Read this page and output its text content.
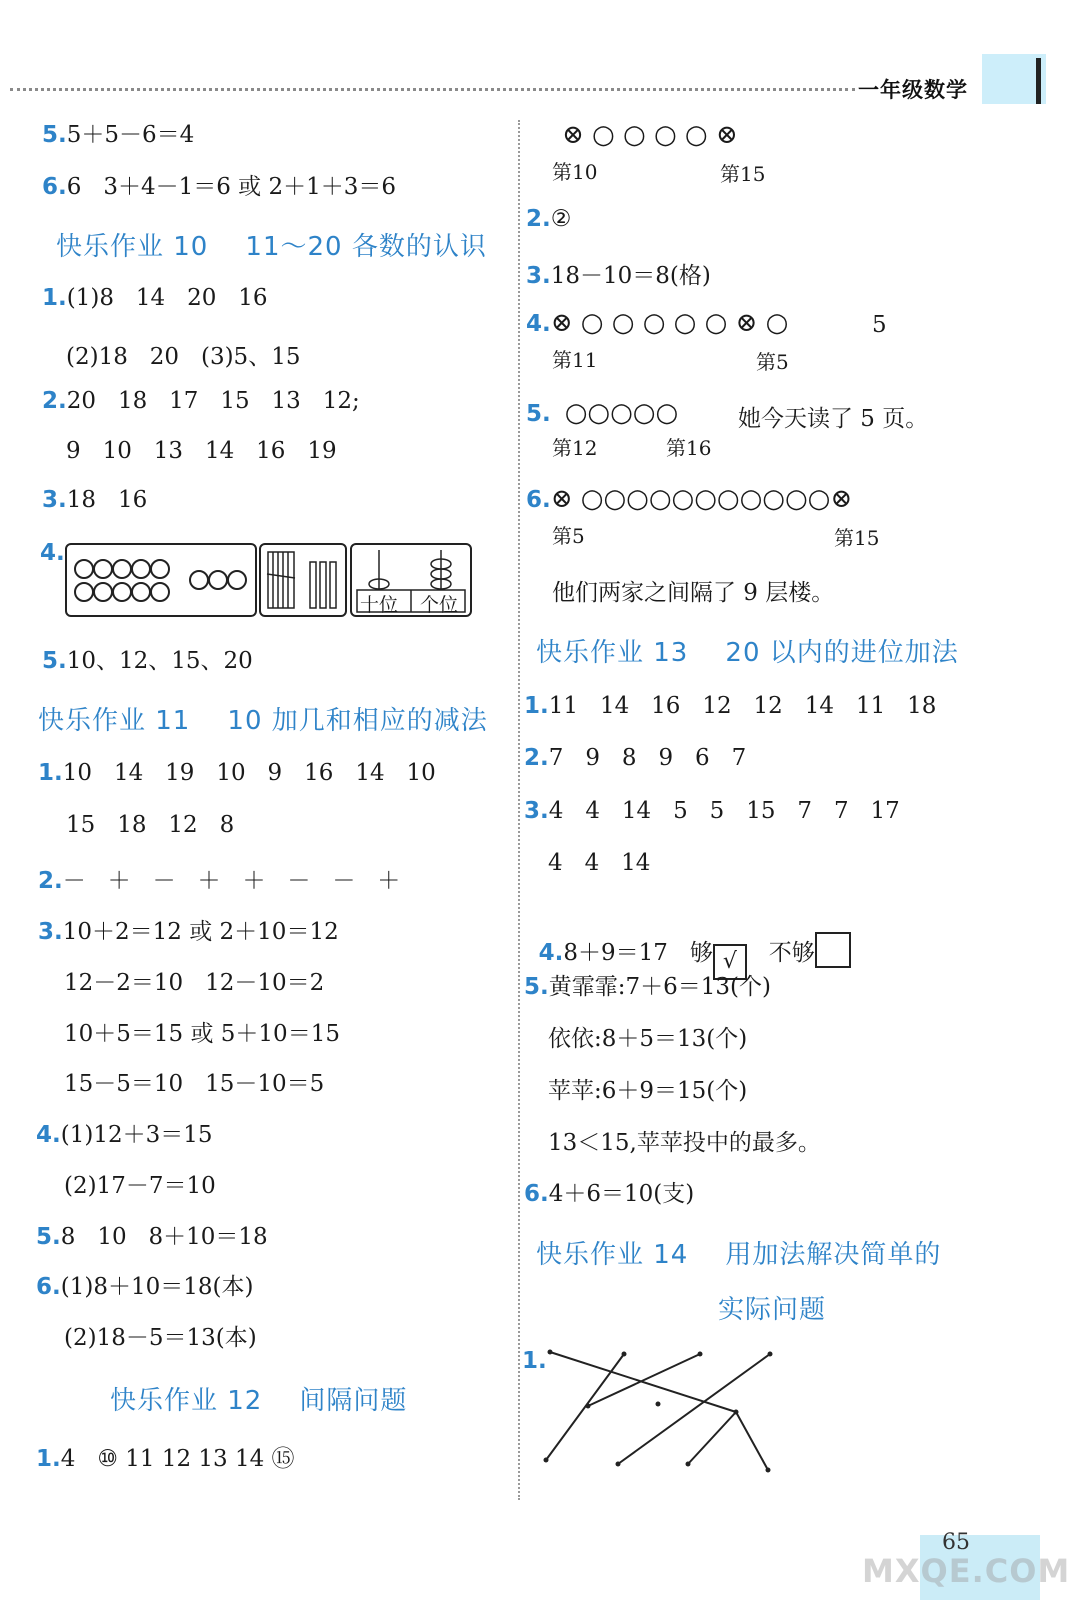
一年级数学
5.5＋5－6＝4
6.6   3＋4－1＝6 或 2＋1＋3＝6
快乐作业 10    11～20 各数的认识
1.(1)8   14   20   16
(2)18   20   (3)5、15
2.20   18   17   15   13   12;
9   10   13   14   16   19
3.18   16
4.
十位 个位
5.10、12、15、20
快乐作业 11    10 加几和相应的减法
1.10   14   19   10   9   16   14   10
15   18   12   8
2.－   ＋   －   ＋   ＋   －   －   ＋
3.10＋2＝12 或 2＋10＝12
12－2＝10   12－10＝2
10＋5＝15 或 5＋10＝15
15－5＝10   15－10＝5
4.(1)12＋3＝15
(2)17－7＝10
5.8   10   8＋10＝18
6.(1)8＋10＝18(本)
(2)18－5＝13(本)
快乐作业 12    间隔问题
1.4   ⑩ 11 12 13 14 ⑮
⊗ ○ ○ ○ ○ ⊗
第10	第15
2.②
3.18－10＝8(格)
4.⊗ ○ ○ ○ ○ ○ ⊗ ○	5
第11	第5
5. ○○○○○	她今天读了 5 页。
第12	第16
6.⊗ ○○○○○○○○○○○⊗
第5	第15
他们两家之间隔了 9 层楼。
快乐作业 13    20 以内的进位加法
1.11   14   16   12   12   14   11   18
2.7   9   8   9   6   7
3.4   4   14   5   5   15   7   7   17
4   4   14

4.8＋9＝17   够 √   不够

5.黄霏霏:7＋6＝13(个)
依依:8＋5＝13(个)
苹苹:6＋9＝15(个)
13＜15,苹苹投中的最多。
6.4＋6＝10(支)
快乐作业 14    用加法解决简单的
实际问题
1.
65
MXQE.COM
